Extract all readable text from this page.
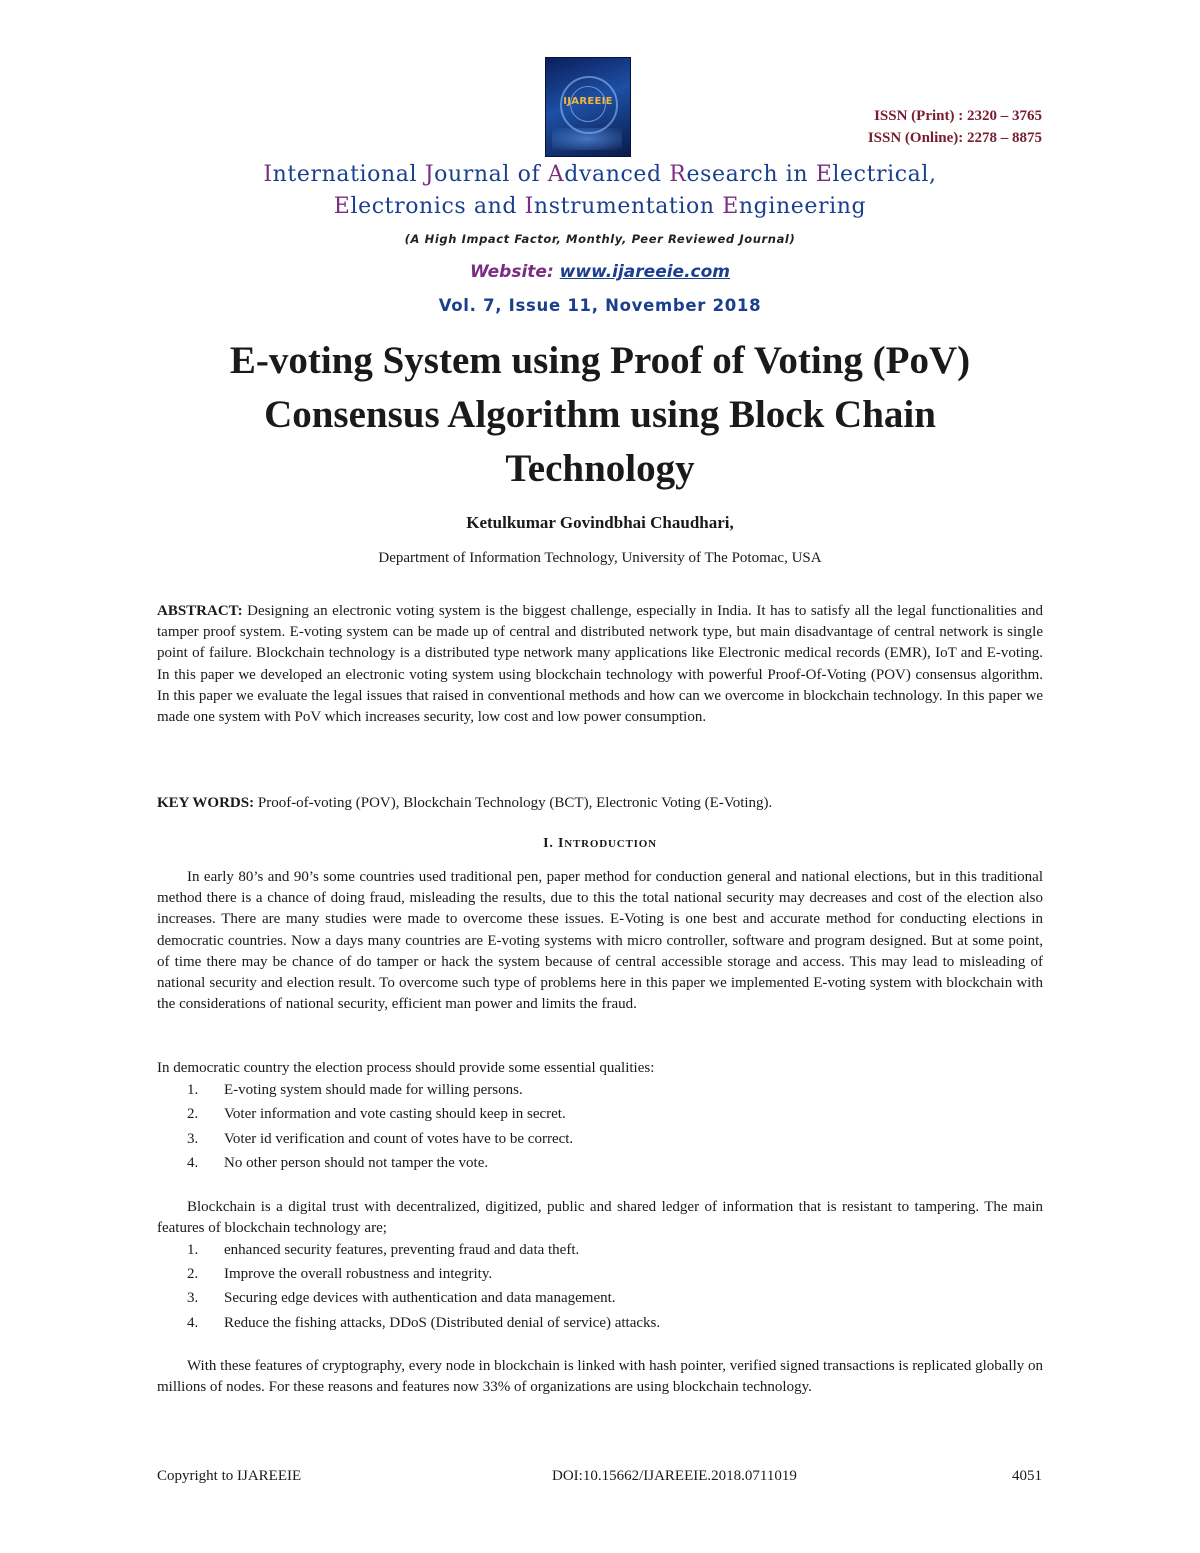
IJAREEIE
ISSN (Print) : 2320 – 3765
ISSN (Online): 2278 – 8875
International Journal of Advanced Research in Electrical,
Electronics and Instrumentation Engineering
(A High Impact Factor, Monthly, Peer Reviewed Journal)
Website: www.ijareeie.com
Vol. 7, Issue 11, November 2018
E-voting System using Proof of Voting (PoV)
Consensus Algorithm using Block Chain
Technology
Ketulkumar Govindbhai Chaudhari,
Department of Information Technology, University of The Potomac, USA
ABSTRACT: Designing an electronic voting system is the biggest challenge, especially in India. It has to satisfy all the legal functionalities and tamper proof system. E-voting system can be made up of central and distributed network type, but main disadvantage of central network is single point of failure. Blockchain technology is a distributed type network many applications like Electronic medical records (EMR), IoT and E-voting. In this paper we developed an electronic voting system using blockchain technology with powerful Proof-Of-Voting (POV) consensus algorithm. In this paper we evaluate the legal issues that raised in conventional methods and how can we overcome in blockchain technology. In this paper we made one system with PoV which increases security, low cost and low power consumption.
KEY WORDS: Proof-of-voting (POV), Blockchain Technology (BCT), Electronic Voting (E-Voting).
I. INTRODUCTION
In early 80’s and 90’s some countries used traditional pen, paper method for conduction general and national elections, but in this traditional method there is a chance of doing fraud, misleading the results, due to this the total national security may decreases and cost of the election also increases. There are many studies were made to overcome these issues. E-Voting is one best and accurate method for conducting elections in democratic countries. Now a days many countries are E-voting systems with micro controller, software and program designed. But at some point, of time there may be chance of do tamper or hack the system because of central accessible storage and access. This may lead to misleading of national security and election result. To overcome such type of problems here in this paper we implemented E-voting system with blockchain with the considerations of national security, efficient man power and limits the fraud.
In democratic country the election process should provide some essential qualities:
1. E-voting system should made for willing persons.
2. Voter information and vote casting should keep in secret.
3. Voter id verification and count of votes have to be correct.
4. No other person should not tamper the vote.
Blockchain is a digital trust with decentralized, digitized, public and shared ledger of information that is resistant to tampering. The main features of blockchain technology are;
1. enhanced security features, preventing fraud and data theft.
2. Improve the overall robustness and integrity.
3. Securing edge devices with authentication and data management.
4. Reduce the fishing attacks, DDoS (Distributed denial of service) attacks.
With these features of cryptography, every node in blockchain is linked with hash pointer, verified signed transactions is replicated globally on millions of nodes. For these reasons and features now 33% of organizations are using blockchain technology.
Copyright to IJAREEIE	DOI:10.15662/IJAREEIE.2018.0711019	4051
